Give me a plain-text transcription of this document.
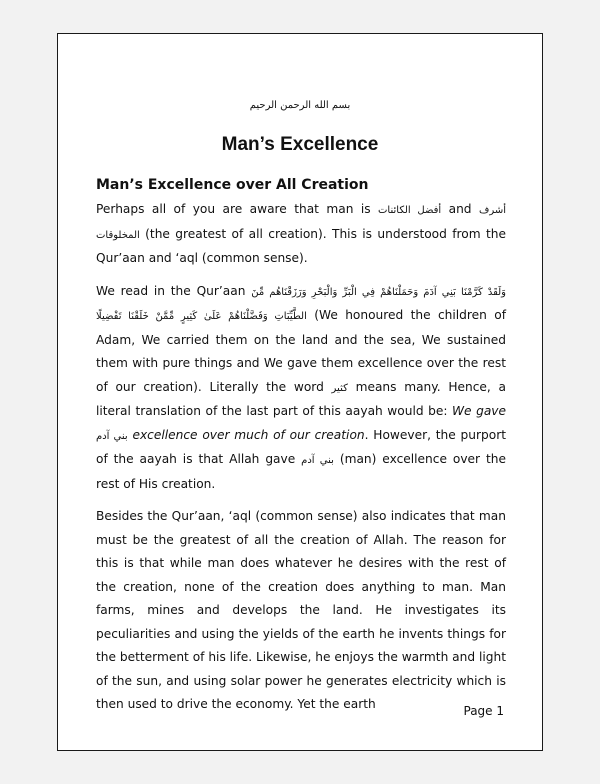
بسم الله الرحمن الرحيم
Man’s Excellence
Man’s Excellence over All Creation

Perhaps all of you are aware that man is أفضل الكائنات and أشرف المخلوقات (the greatest of all creation). This is understood from the Qur’aan and ‘aql (common sense).

We read in the Qur’aan وَلَقَدْ كَرَّمْنَا بَنِي آدَمَ وَحَمَلْنَاهُمْ فِي الْبَرِّ وَالْبَحْرِ وَرَزَقْنَاهُم مِّنَ الطَّيِّبَاتِ وَفَضَّلْنَاهُمْ عَلَىٰ كَثِيرٍ مِّمَّنْ خَلَقْنَا تَفْضِيلًا (We honoured the children of Adam, We carried them on the land and the sea, We sustained them with pure things and We gave them excellence over the rest of our creation). Literally the word كثير means many. Hence, a literal translation of the last part of this aayah would be: We gave بني آدم excellence over much of our creation. However, the purport of the aayah is that Allah gave بني آدم (man) excellence over the rest of His creation.

Besides the Qur’aan, ‘aql (common sense) also indicates that man must be the greatest of all the creation of Allah. The reason for this is that while man does whatever he desires with the rest of the creation, none of the creation does anything to man. Man farms, mines and develops the land. He investigates its peculiarities and using the yields of the earth he invents things for the betterment of his life. Likewise, he enjoys the warmth and light of the sun, and using solar power he generates electricity which is then used to drive the economy. Yet the earth	Page 1
